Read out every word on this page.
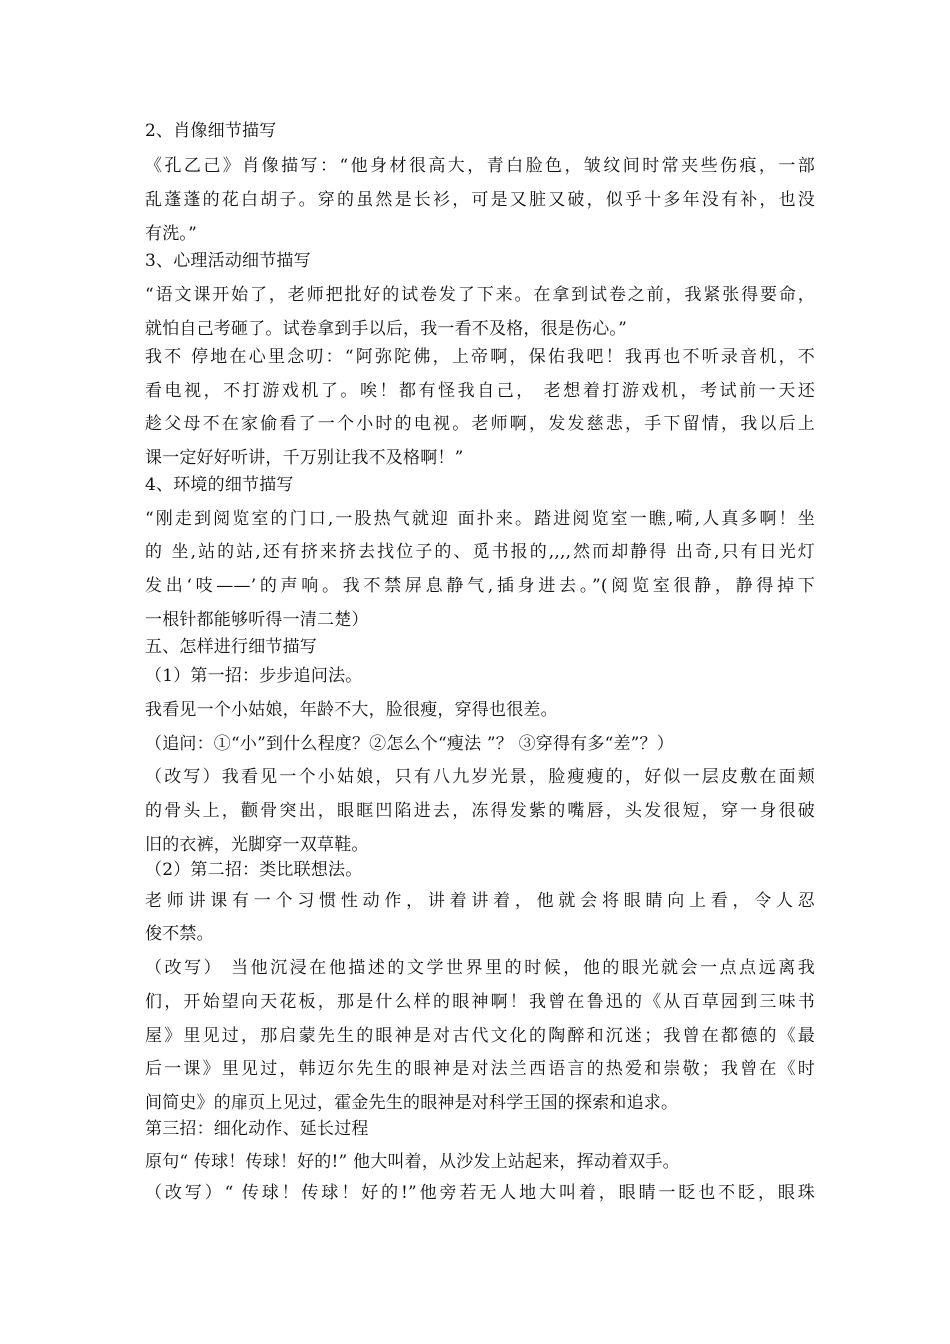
2、肖像细节描写
《孔乙己》肖像描写：“他身材很高大，青白脸色，皱纹间时常夹些伤痕，一部
乱蓬蓬的花白胡子。穿的虽然是长衫，可是又脏又破，似乎十多年没有补，也没
有洗。”
3、心理活动细节描写
“语文课开始了，老师把批好的试卷发了下来。在拿到试卷之前，我紧张得要命，
就怕自己考砸了。试卷拿到手以后，我一看不及格，很是伤心。”
我不 停地在心里念叨：“阿弥陀佛，上帝啊，保佑我吧！我再也不听录音机，不
看电视，不打游戏机了。唉！都有怪我自己， 老想着打游戏机，考试前一天还
趁父母不在家偷看了一个小时的电视。老师啊，发发慈悲，手下留情，我以后上
课一定好好听讲，千万别让我不及格啊！”
4、环境的细节描写
“刚走到阅览室的门口,一股热气就迎 面扑来。踏进阅览室一瞧,嗬,人真多啊！坐
的 坐,站的站,还有挤来挤去找位子的、觅书报的,,,,然而却静得 出奇,只有日光灯
发出‘吱——’的声响。我不禁屏息静气,插身进去。”(阅览室很静，静得掉下
一根针都能够听得一清二楚）
五、怎样进行细节描写
（1）第一招：步步追问法。
我看见一个小姑娘，年龄不大，脸很瘦，穿得也很差。
（追问：①“小”到什么程度？②怎么个“瘦法 ”？ ③穿得有多“差”？）
（改写）我看见一个小姑娘，只有八九岁光景，脸瘦瘦的，好似一层皮敷在面颊
的骨头上，颧骨突出，眼眶凹陷进去，冻得发紫的嘴唇，头发很短，穿一身很破
旧的衣裤，光脚穿一双草鞋。
（2）第二招：类比联想法。
老师讲课有一个习惯性动作，讲着讲着，他就会将眼睛向上看，令人忍
俊不禁。
（改写） 当他沉浸在他描述的文学世界里的时候，他的眼光就会一点点远离我
们，开始望向天花板，那是什么样的眼神啊！我曾在鲁迅的《从百草园到三味书
屋》里见过，那启蒙先生的眼神是对古代文化的陶醉和沉迷；我曾在都德的《最
后一课》里见过，韩迈尔先生的眼神是对法兰西语言的热爱和崇敬；我曾在《时
间简史》的扉页上见过，霍金先生的眼神是对科学王国的探索和追求。
第三招：细化动作、延长过程
原句“ 传球！传球！好的!” 他大叫着，从沙发上站起来，挥动着双手。
（改写）“ 传球！传球！好的!”他旁若无人地大叫着，眼睛一眨也不眨，眼珠
